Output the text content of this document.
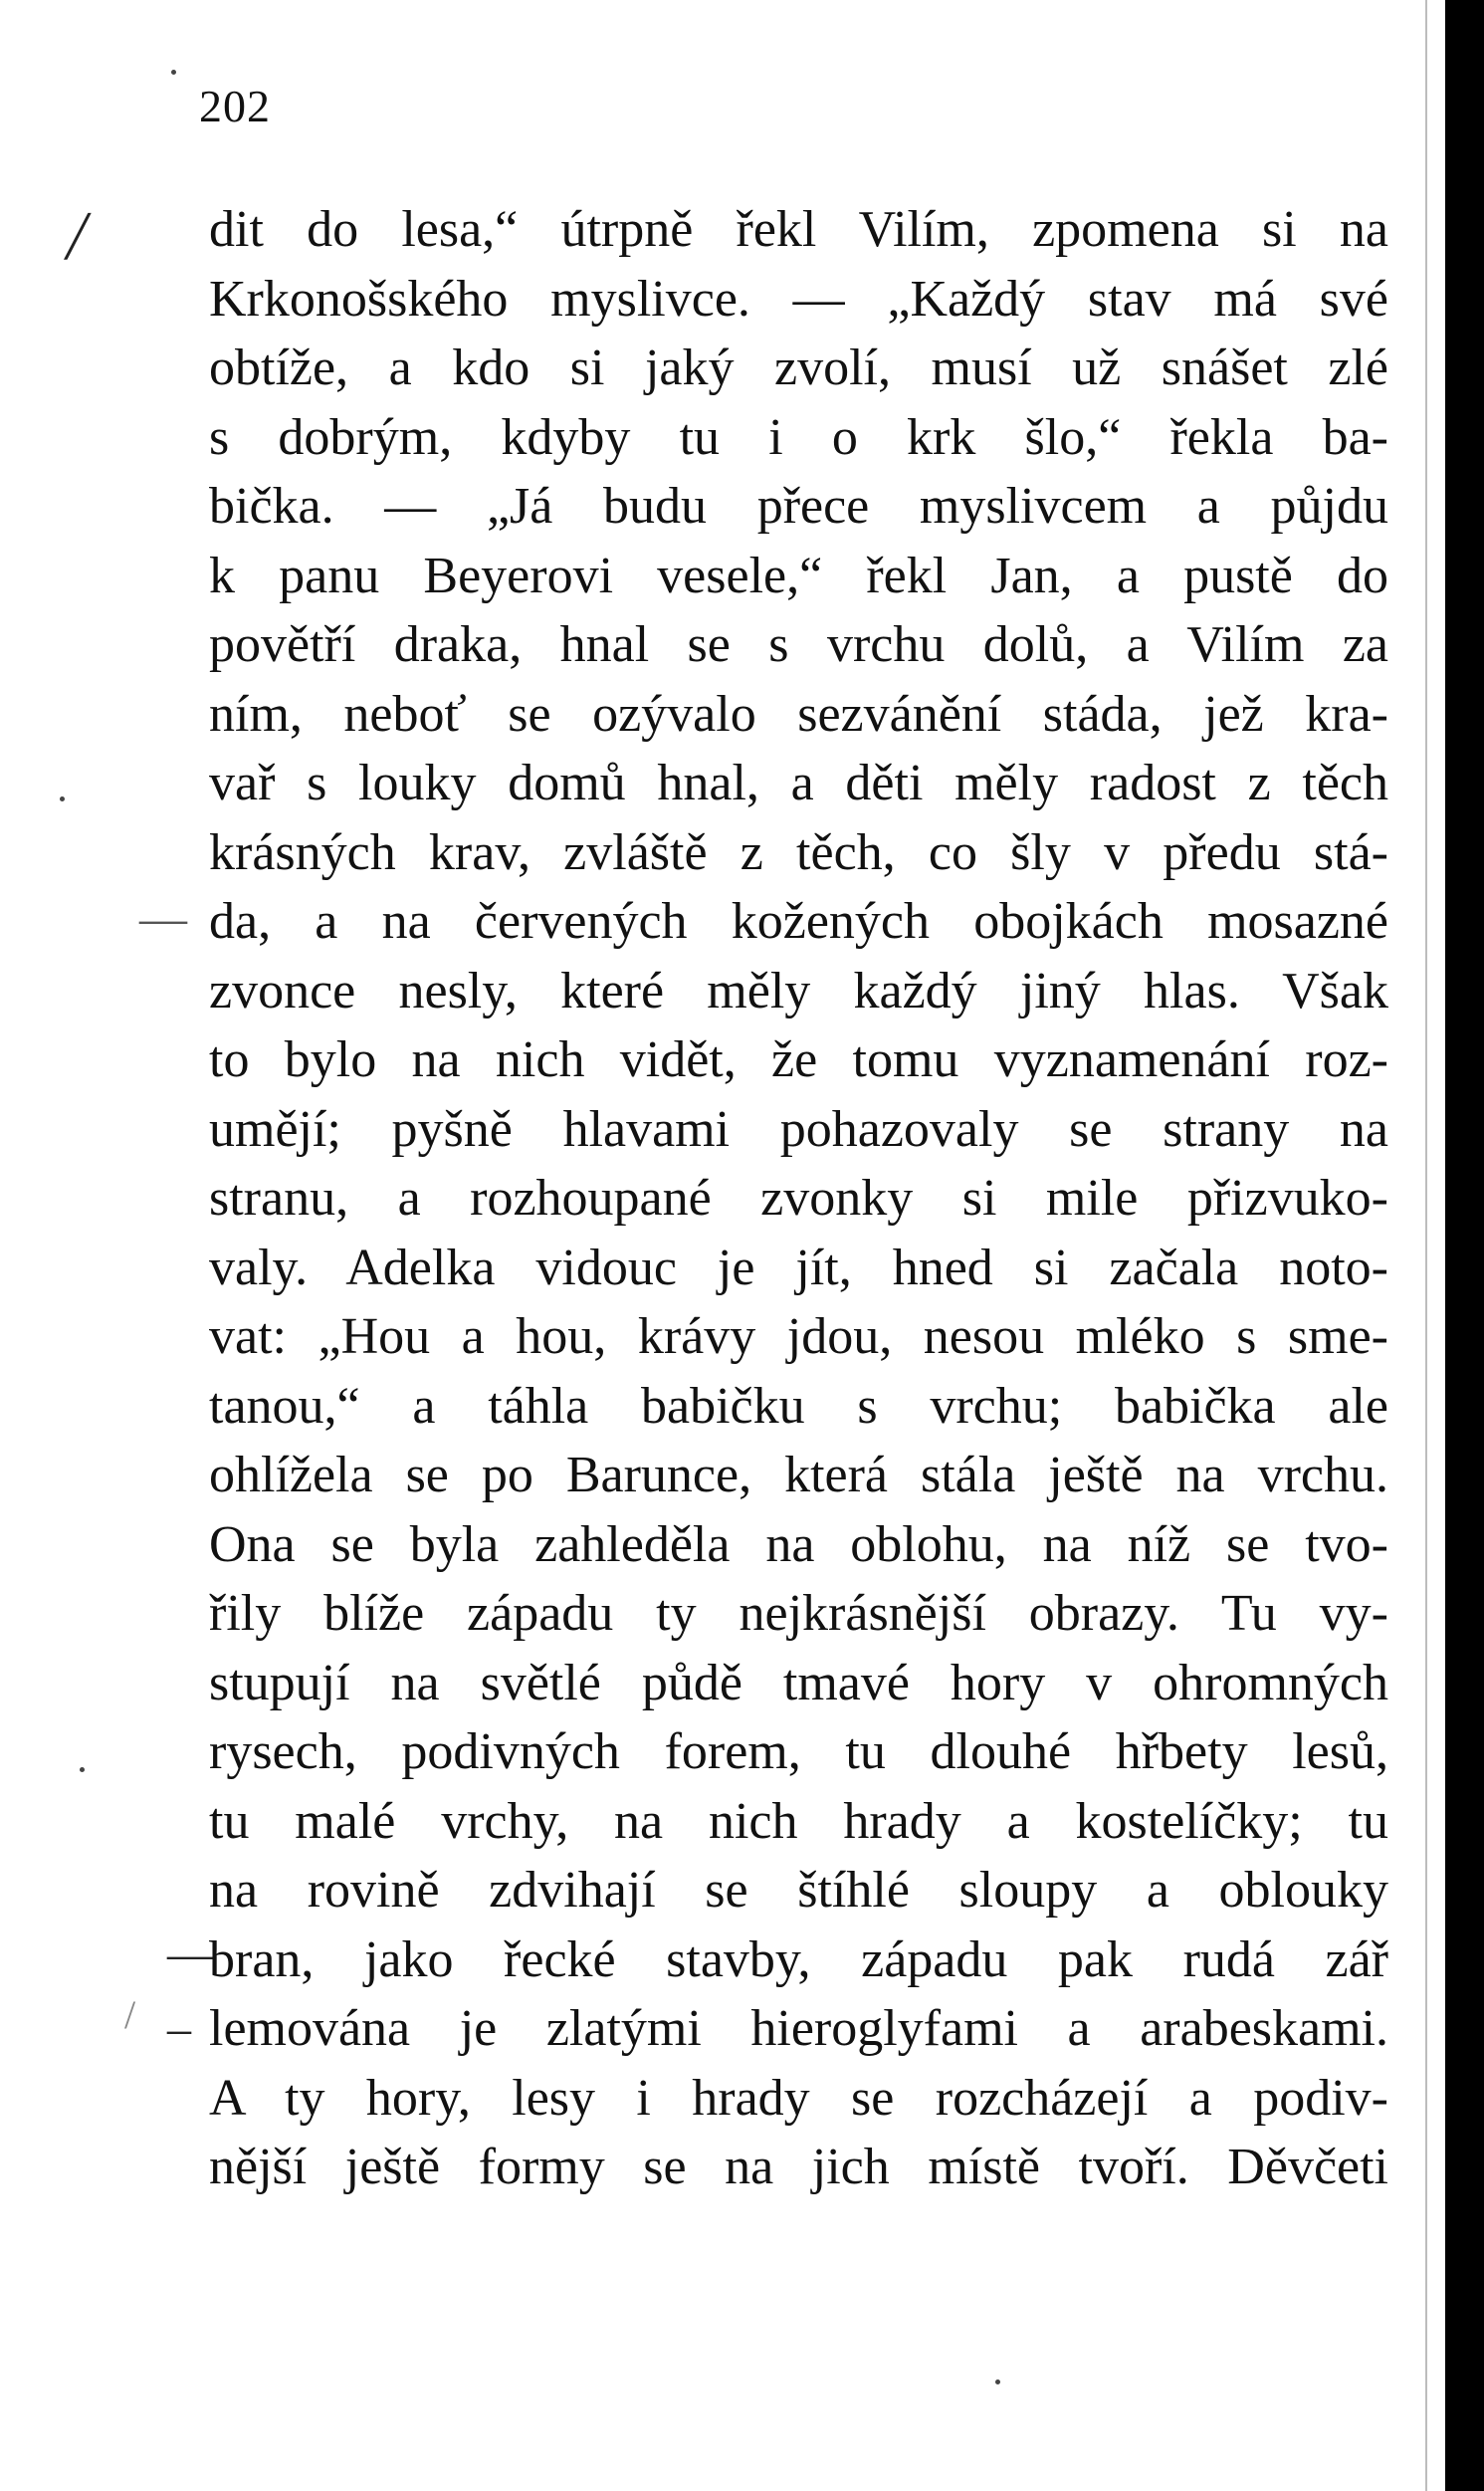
202
/
—
—
–
/
dit do lesa,“ útrpně řekl Vilím, zpomena si na
Krkonošského myslivce. — „Každý stav má své
obtíže, a kdo si jaký zvolí, musí už snášet zlé
s dobrým, kdyby tu i o krk šlo,“ řekla ba-
bička. — „Já budu přece myslivcem a půjdu
k panu Beyerovi vesele,“ řekl Jan, a pustě do
povětří draka, hnal se s vrchu dolů, a Vilím za
ním, neboť se ozývalo sezvánění stáda, jež kra-
vař s louky domů hnal, a děti měly radost z těch
krásných krav, zvláště z těch, co šly v předu stá-
da, a na červených kožených obojkách mosazné
zvonce nesly, které měly každý jiný hlas. Však
to bylo na nich vidět, že tomu vyznamenání roz-
umějí; pyšně hlavami pohazovaly se strany na
stranu, a rozhoupané zvonky si mile přizvuko-
valy. Adelka vidouc je jít, hned si začala noto-
vat: „Hou a hou, krávy jdou, nesou mléko s sme-
tanou,“ a táhla babičku s vrchu; babička ale
ohlížela se po Barunce, která stála ještě na vrchu.
Ona se byla zahleděla na oblohu, na níž se tvo-
řily blíže západu ty nejkrásnější obrazy. Tu vy-
stupují na světlé půdě tmavé hory v ohromných
rysech, podivných forem, tu dlouhé hřbety lesů,
tu malé vrchy, na nich hrady a kostelíčky; tu
na rovině zdvihají se štíhlé sloupy a oblouky
bran, jako řecké stavby, západu pak rudá zář
lemována je zlatými hieroglyfami a arabeskami.
A ty hory, lesy i hrady se rozcházejí a podiv-
nější ještě formy se na jich místě tvoří. Děvčeti
